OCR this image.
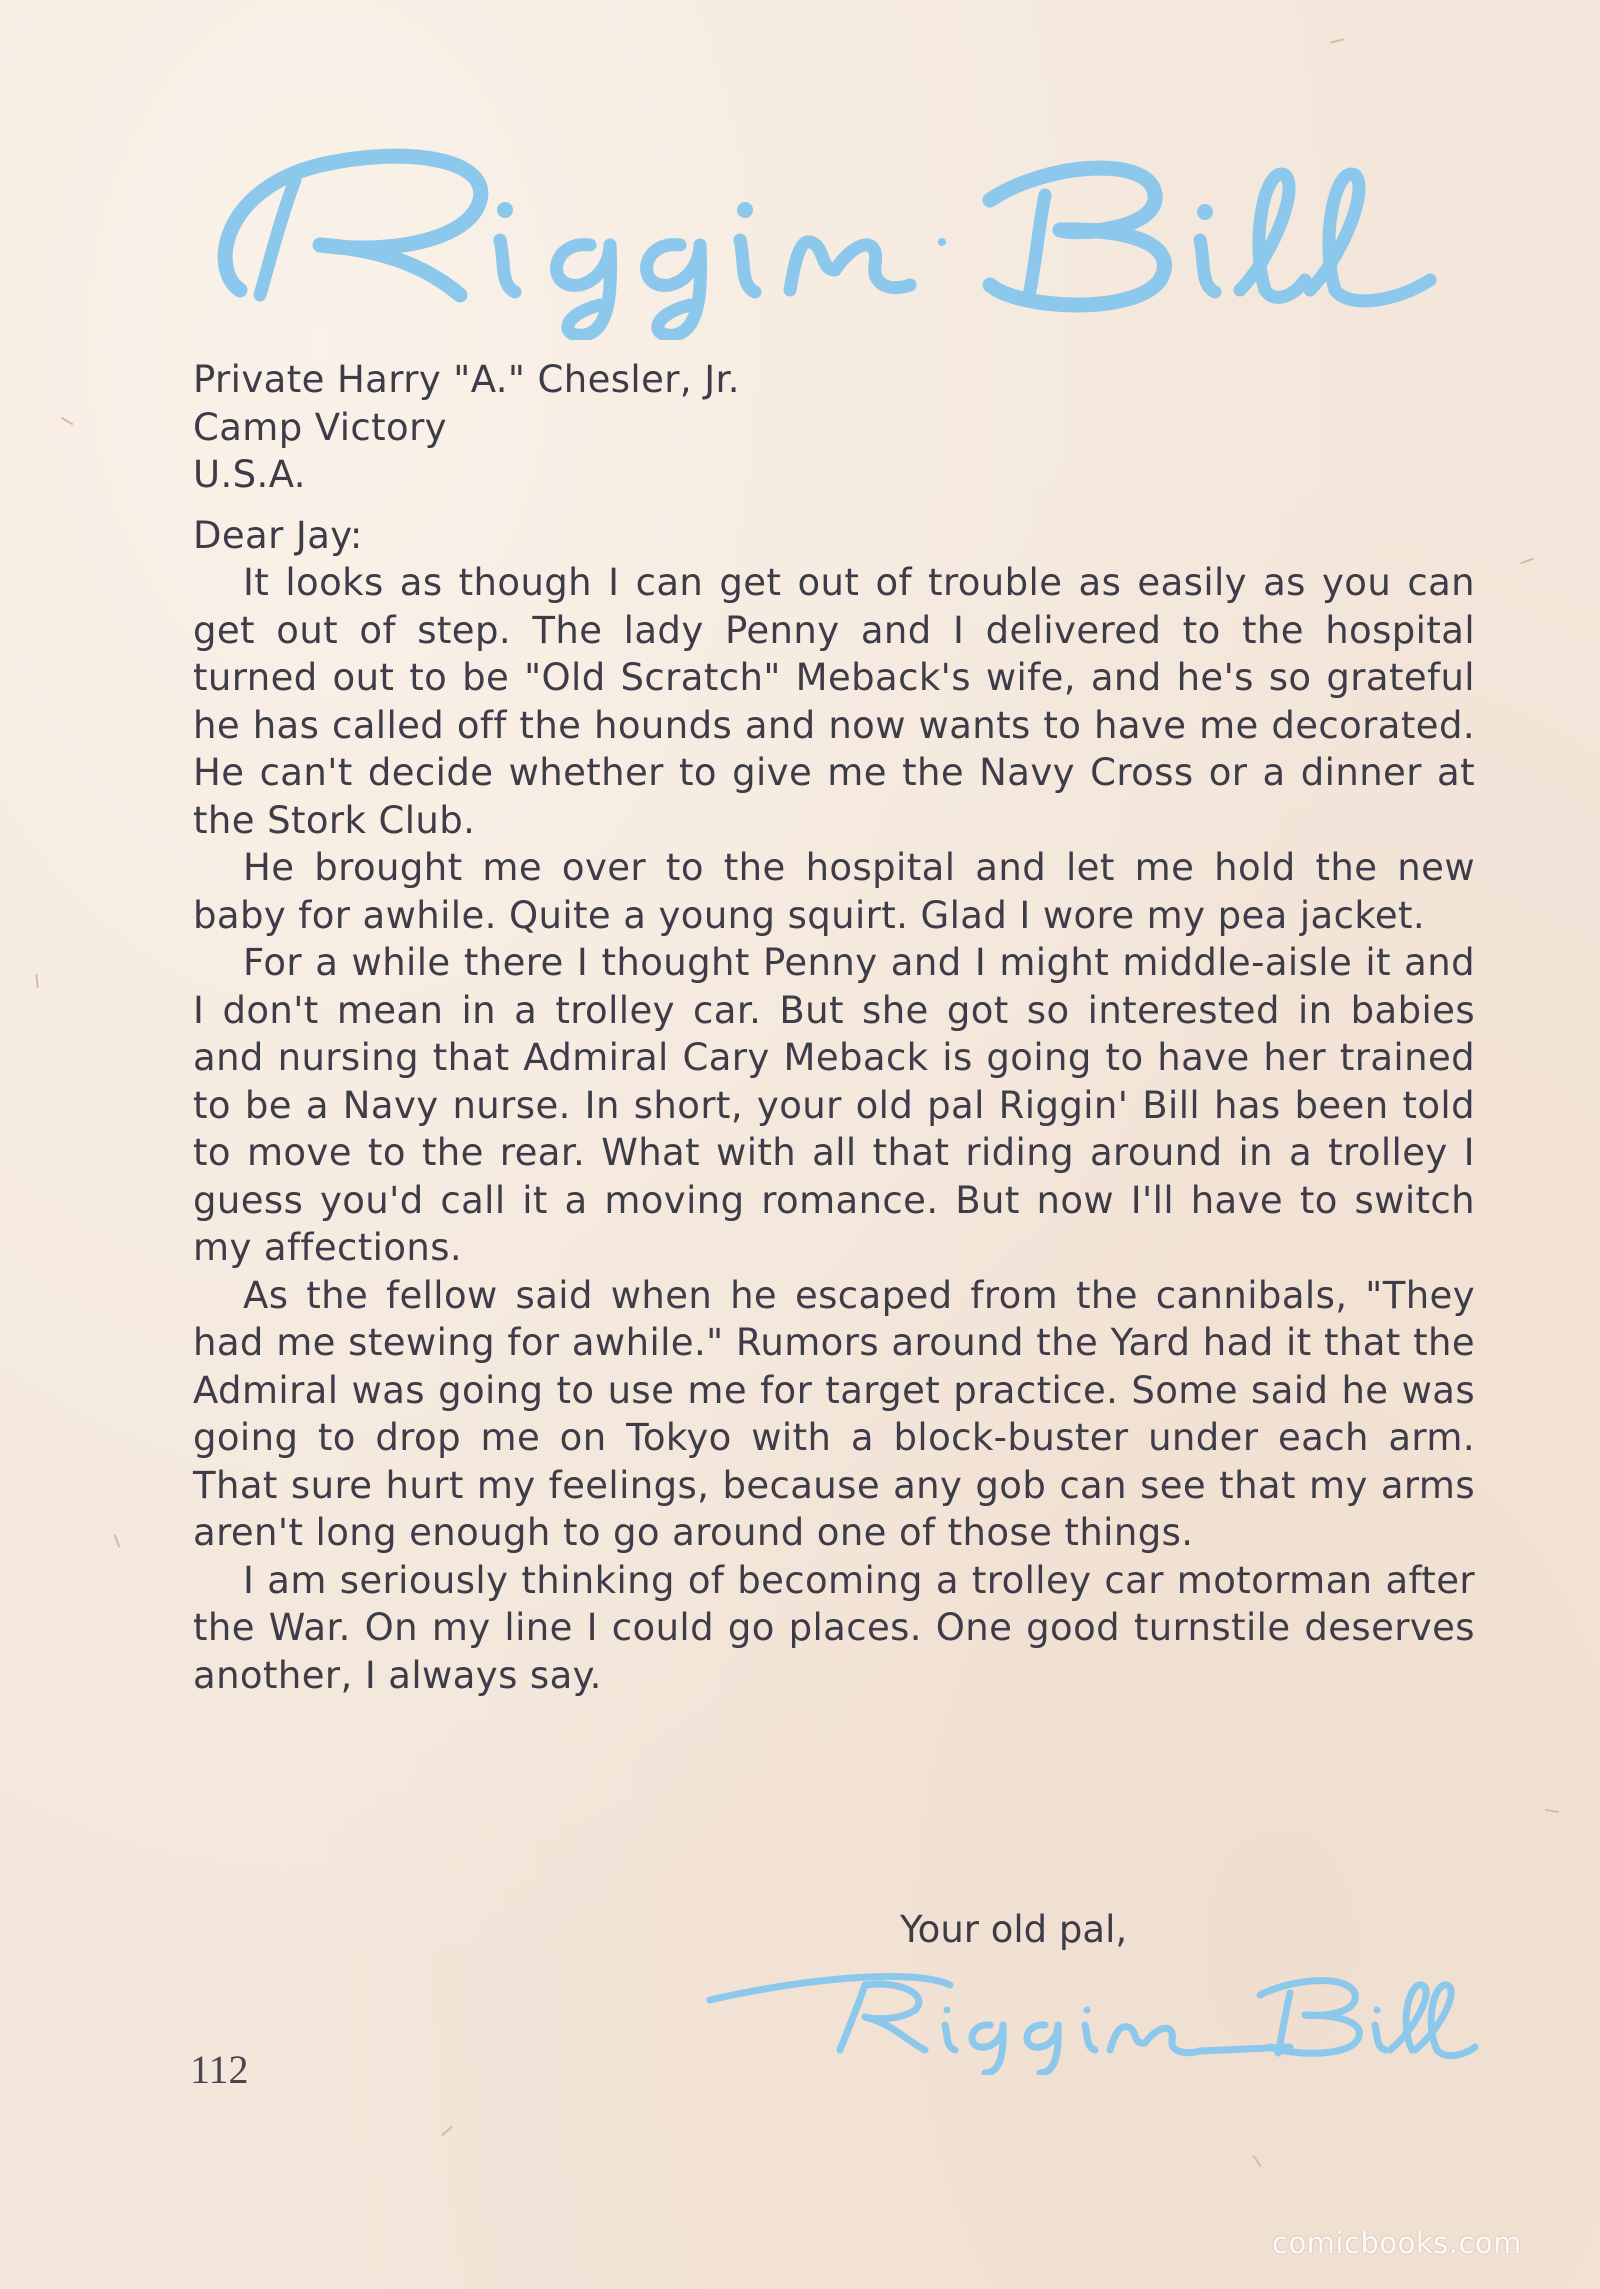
Private Harry "A." Chesler, Jr.
Camp Victory
U.S.A.

Dear Jay:

It looks as though I can get out of trouble as easily as you can get out of step. The lady Penny and I delivered to the hospital turned out to be "Old Scratch" Meback's wife, and he's so grateful he has called off the hounds and now wants to have me decorated. He can't decide whether to give me the Navy Cross or a dinner at the Stork Club.

He brought me over to the hospital and let me hold the new baby for awhile. Quite a young squirt. Glad I wore my pea jacket.

For a while there I thought Penny and I might middle-aisle it and I don't mean in a trolley car. But she got so interested in babies and nursing that Admiral Cary Meback is going to have her trained to be a Navy nurse. In short, your old pal Riggin' Bill has been told to move to the rear. What with all that riding around in a trolley I guess you'd call it a moving romance. But now I'll have to switch my affections.

As the fellow said when he escaped from the cannibals, "They had me stewing for awhile." Rumors around the Yard had it that the Admiral was going to use me for target practice. Some said he was going to drop me on Tokyo with a block-buster under each arm. That sure hurt my feelings, because any gob can see that my arms aren't long enough to go around one of those things.

I am seriously thinking of becoming a trolley car motorman after the War. On my line I could go places. One good turnstile deserves another, I always say.

Your old pal,
112
comicbooks.com
